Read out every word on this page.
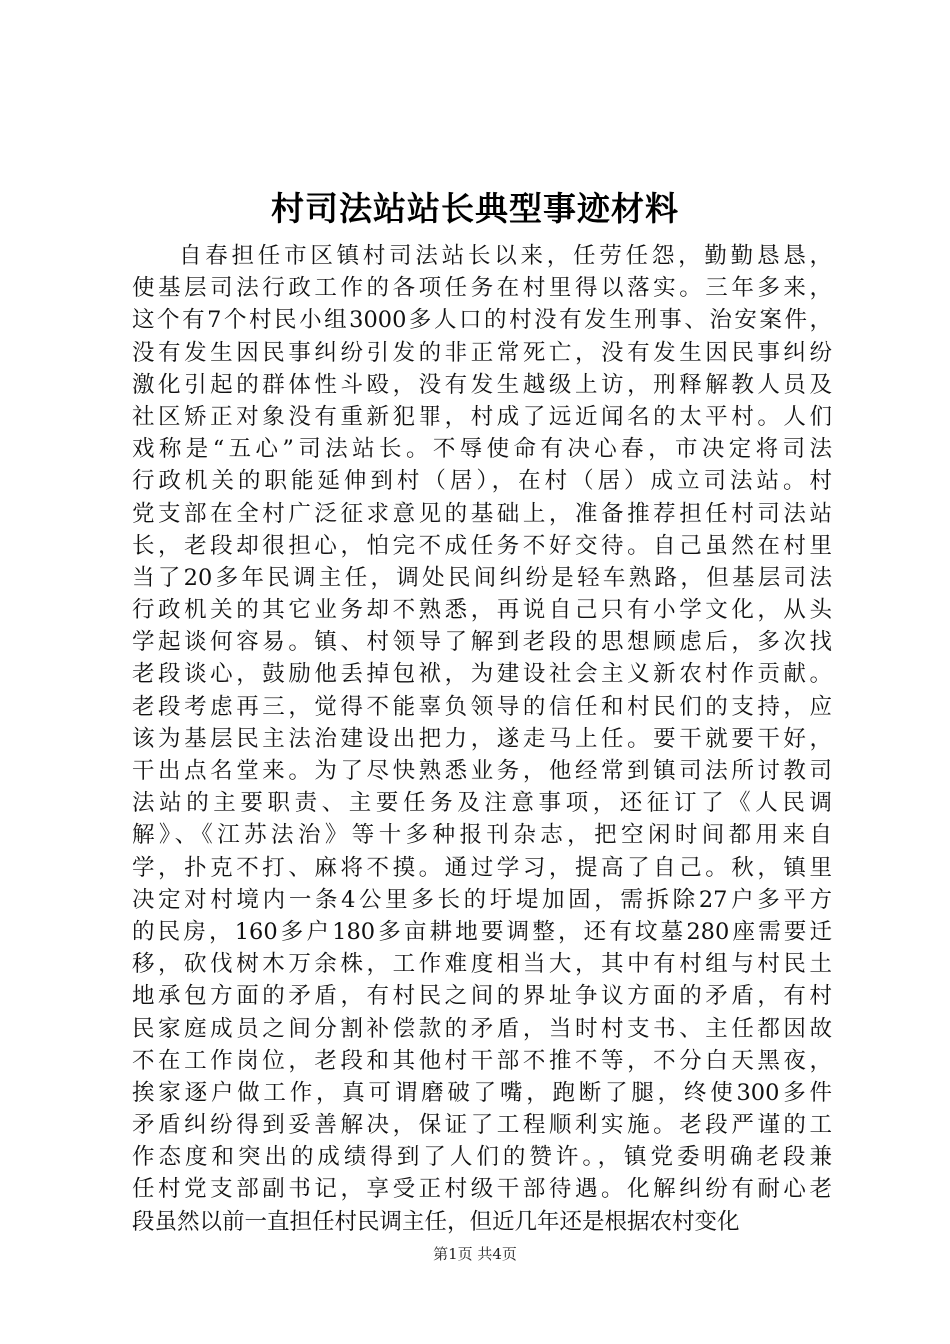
村司法站站长典型事迹材料
自春担任市区镇村司法站长以来，任劳任怨，勤勤恳恳，
使基层司法行政工作的各项任务在村里得以落实。三年多来，
这个有7个村民小组3000多人口的村没有发生刑事、治安案件，
没有发生因民事纠纷引发的非正常死亡，没有发生因民事纠纷
激化引起的群体性斗殴，没有发生越级上访，刑释解教人员及
社区矫正对象没有重新犯罪，村成了远近闻名的太平村。人们
戏称是“五心”司法站长。不辱使命有决心春，市决定将司法
行政机关的职能延伸到村（居），在村（居）成立司法站。村
党支部在全村广泛征求意见的基础上，准备推荐担任村司法站
长，老段却很担心，怕完不成任务不好交待。自己虽然在村里
当了20多年民调主任，调处民间纠纷是轻车熟路，但基层司法
行政机关的其它业务却不熟悉，再说自己只有小学文化，从头
学起谈何容易。镇、村领导了解到老段的思想顾虑后，多次找
老段谈心，鼓励他丢掉包袱，为建设社会主义新农村作贡献。
老段考虑再三，觉得不能辜负领导的信任和村民们的支持，应
该为基层民主法治建设出把力，遂走马上任。要干就要干好，
干出点名堂来。为了尽快熟悉业务，他经常到镇司法所讨教司
法站的主要职责、主要任务及注意事项，还征订了《人民调
解》、《江苏法治》等十多种报刊杂志，把空闲时间都用来自
学，扑克不打、麻将不摸。通过学习，提高了自己。秋，镇里
决定对村境内一条4公里多长的圩堤加固，需拆除27户多平方
的民房，160多户180多亩耕地要调整，还有坟墓280座需要迁
移，砍伐树木万余株，工作难度相当大，其中有村组与村民土
地承包方面的矛盾，有村民之间的界址争议方面的矛盾，有村
民家庭成员之间分割补偿款的矛盾，当时村支书、主任都因故
不在工作岗位，老段和其他村干部不推不等，不分白天黑夜，
挨家逐户做工作，真可谓磨破了嘴，跑断了腿，终使300多件
矛盾纠纷得到妥善解决，保证了工程顺利实施。老段严谨的工
作态度和突出的成绩得到了人们的赞许。，镇党委明确老段兼
任村党支部副书记，享受正村级干部待遇。化解纠纷有耐心老
段虽然以前一直担任村民调主任，但近几年还是根据农村变化
第1页 共4页
